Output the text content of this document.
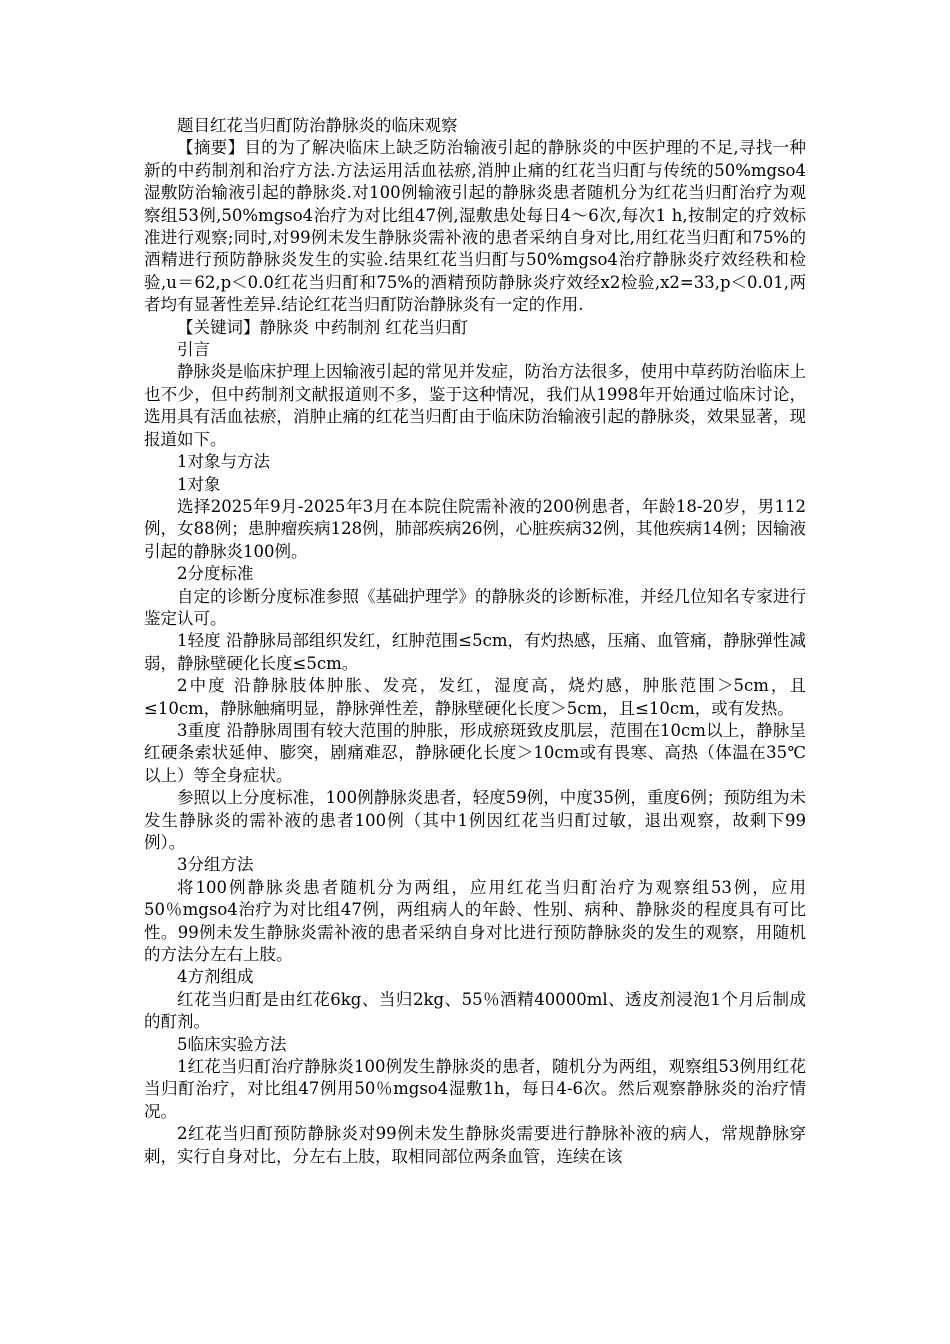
题目红花当归酊防治静脉炎的临床观察

【摘要】目的为了解决临床上缺乏防治输液引起的静脉炎的中医护理的不足,寻找一种新的中药制剂和治疗方法.方法运用活血祛瘀,消肿止痛的红花当归酊与传统的50%mgso4湿敷防治输液引起的静脉炎.对100例输液引起的静脉炎患者随机分为红花当归酊治疗为观察组53例,50%mgso4治疗为对比组47例,湿敷患处每日4～6次,每次1 h,按制定的疗效标准进行观察;同时,对99例未发生静脉炎需补液的患者采纳自身对比,用红花当归酊和75%的酒精进行预防静脉炎发生的实验.结果红花当归酊与50%mgso4治疗静脉炎疗效经秩和检验,u＝62,p＜0.0红花当归酊和75%的酒精预防静脉炎疗效经x2检验,x2=33,p＜0.01,两者均有显著性差异.结论红花当归酊防治静脉炎有一定的作用.

【关键词】静脉炎 中药制剂 红花当归酊

引言

静脉炎是临床护理上因输液引起的常见并发症，防治方法很多，使用中草药防治临床上也不少，但中药制剂文献报道则不多，鉴于这种情况，我们从1998年开始通过临床讨论，选用具有活血祛瘀，消肿止痛的红花当归酊由于临床防治输液引起的静脉炎，效果显著，现报道如下。

1对象与方法

1对象

选择2025年9月-2025年3月在本院住院需补液的200例患者，年龄18-20岁，男112例，女88例；患肿瘤疾病128例，肺部疾病26例，心脏疾病32例，其他疾病14例；因输液引起的静脉炎100例。

2分度标准

自定的诊断分度标准参照《基础护理学》的静脉炎的诊断标准，并经几位知名专家进行鉴定认可。

1轻度 沿静脉局部组织发红，红肿范围≤5cm，有灼热感，压痛、血管痛，静脉弹性减弱，静脉壁硬化长度≤5cm。

2中度 沿静脉肢体肿胀、发亮，发红，湿度高，烧灼感，肿胀范围＞5cm，且≤10cm，静脉触痛明显，静脉弹性差，静脉壁硬化长度＞5cm，且≤10cm，或有发热。

3重度 沿静脉周围有较大范围的肿胀，形成瘀斑致皮肌层，范围在10cm以上，静脉呈红硬条索状延伸、膨突，剧痛难忍，静脉硬化长度＞10cm或有畏寒、高热（体温在35℃以上）等全身症状。

参照以上分度标准，100例静脉炎患者，轻度59例，中度35例，重度6例；预防组为未发生静脉炎的需补液的患者100例（其中1例因红花当归酊过敏，退出观察，故剩下99例）。

3分组方法

将100例静脉炎患者随机分为两组，应用红花当归酊治疗为观察组53例，应用50％mgso4治疗为对比组47例，两组病人的年龄、性别、病种、静脉炎的程度具有可比性。99例未发生静脉炎需补液的患者采纳自身对比进行预防静脉炎的发生的观察，用随机的方法分左右上肢。

4方剂组成

红花当归酊是由红花6kg、当归2kg、55％酒精40000ml、透皮剂浸泡1个月后制成的酊剂。

5临床实验方法

1红花当归酊治疗静脉炎100例发生静脉炎的患者，随机分为两组，观察组53例用红花当归酊治疗，对比组47例用50％mgso4湿敷1h，每日4-6次。然后观察静脉炎的治疗情况。

2红花当归酊预防静脉炎对99例未发生静脉炎需要进行静脉补液的病人，常规静脉穿刺，实行自身对比，分左右上肢，取相同部位两条血管，连续在该
